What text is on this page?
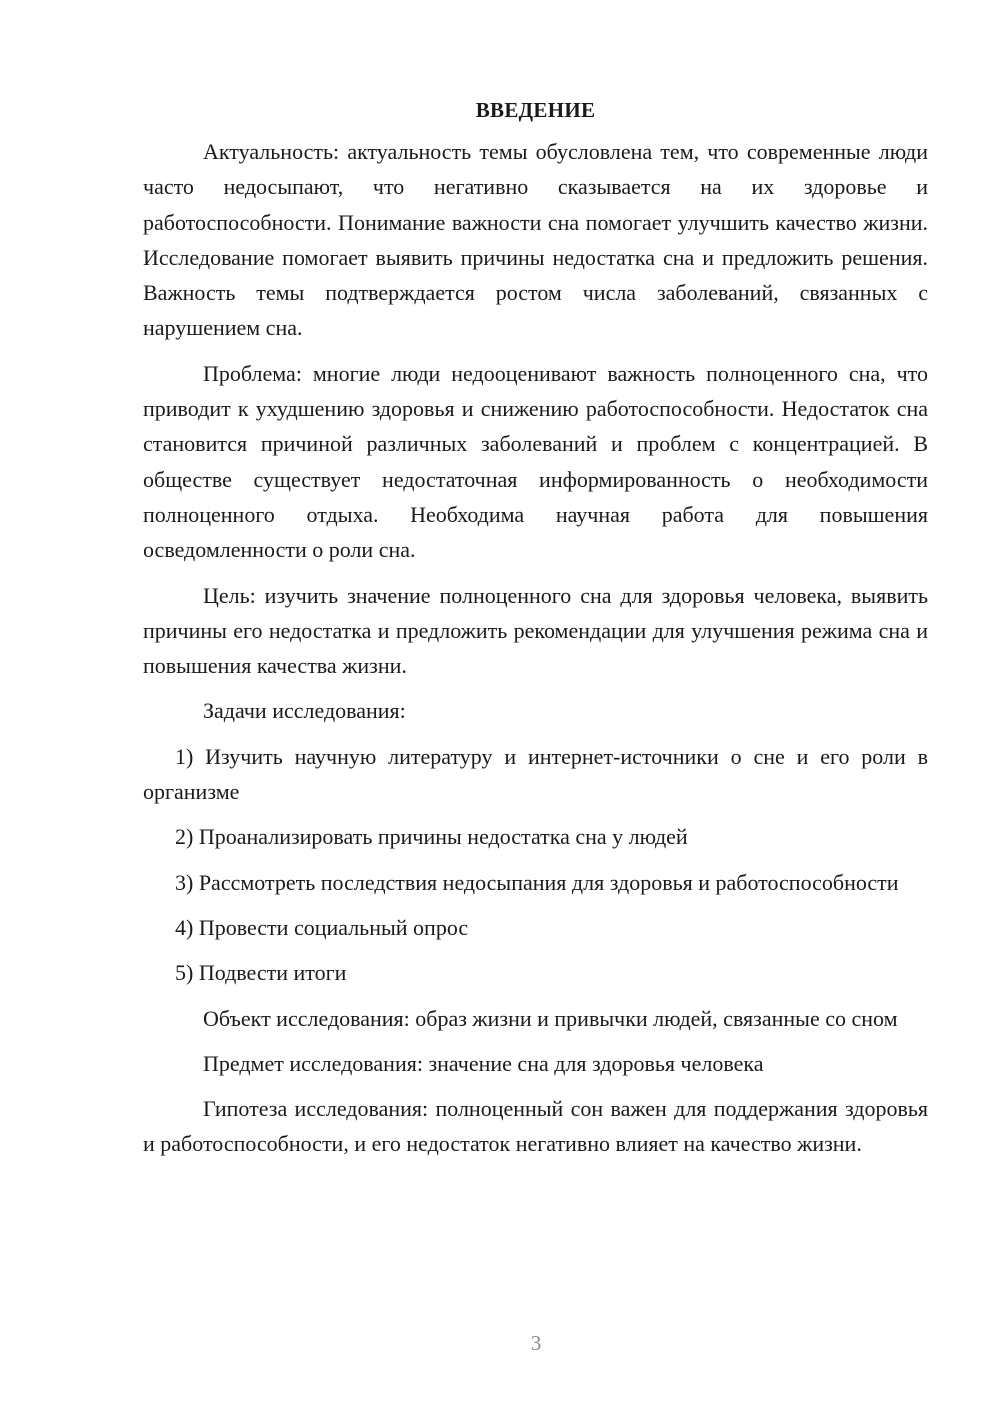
ВВЕДЕНИЕ

Актуальность: актуальность темы обусловлена тем, что современные люди часто недосыпают, что негативно сказывается на их здоровье и работоспособности. Понимание важности сна помогает улучшить качество жизни. Исследование помогает выявить причины недостатка сна и предложить решения. Важность темы подтверждается ростом числа заболеваний, связанных с нарушением сна.

Проблема: многие люди недооценивают важность полноценного сна, что приводит к ухудшению здоровья и снижению работоспособности. Недостаток сна становится причиной различных заболеваний и проблем с концентрацией. В обществе существует недостаточная информированность о необходимости полноценного отдыха. Необходима научная работа для повышения осведомленности о роли сна.

Цель: изучить значение полноценного сна для здоровья человека, выявить причины его недостатка и предложить рекомендации для улучшения режима сна и повышения качества жизни.

Задачи исследования:

1) Изучить научную литературу и интернет-источники о сне и его роли в организме

2) Проанализировать причины недостатка сна у людей

3) Рассмотреть последствия недосыпания для здоровья и работоспособности

4) Провести социальный опрос

5) Подвести итоги

Объект исследования: образ жизни и привычки людей, связанные со сном

Предмет исследования: значение сна для здоровья человека

Гипотеза исследования: полноценный сон важен для поддержания здоровья и работоспособности, и его недостаток негативно влияет на качество жизни.

3
